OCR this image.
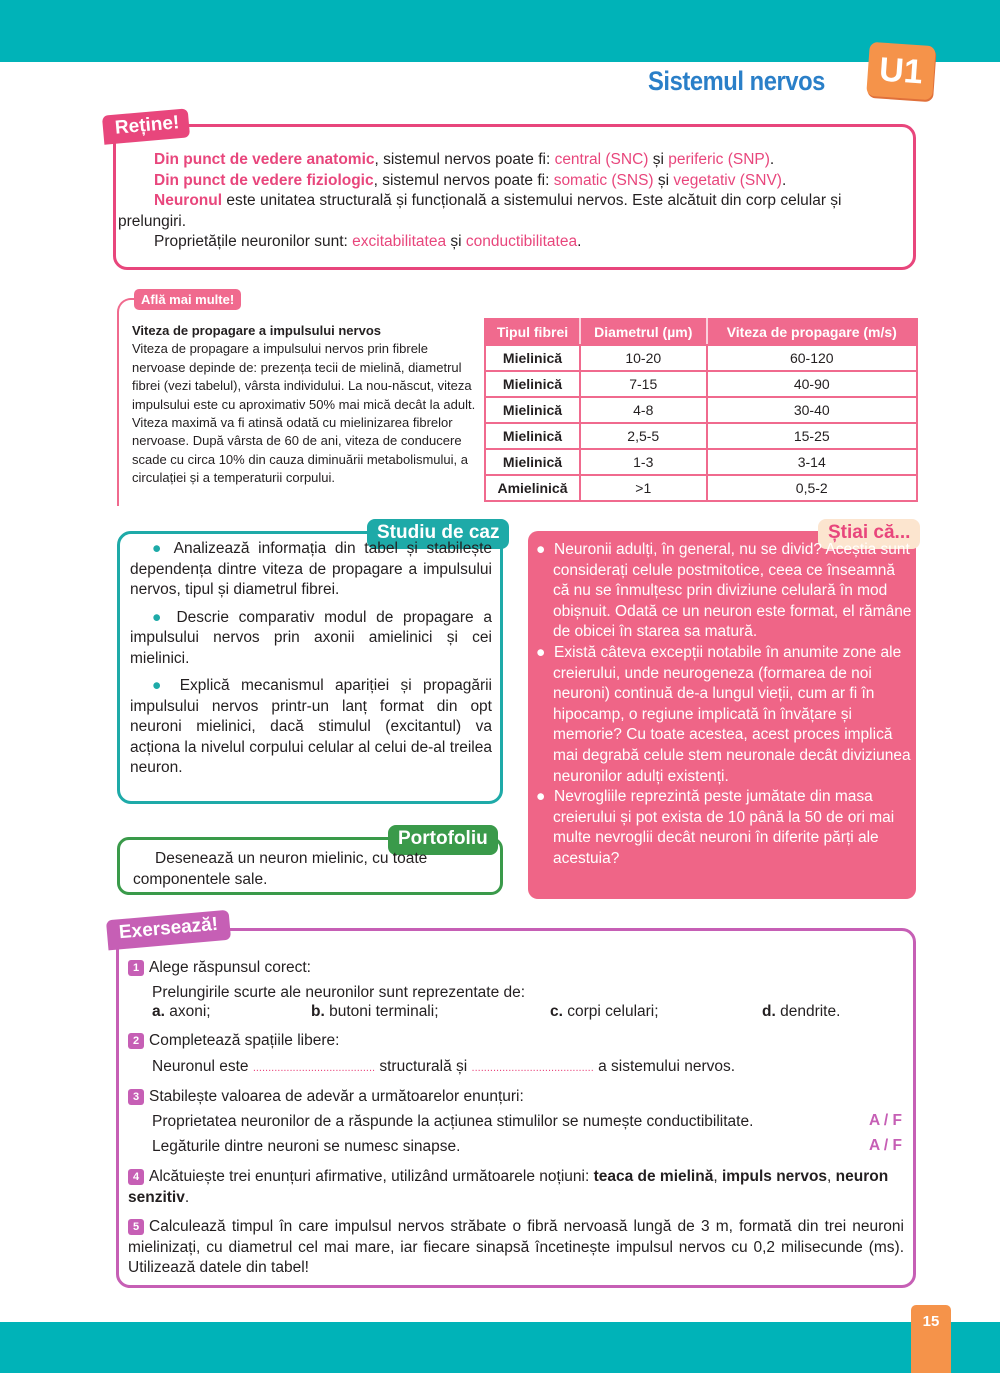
Sistemul nervos	U1
Reține!

Din punct de vedere anatomic, sistemul nervos poate fi: central (SNC) și periferic (SNP).

Din punct de vedere fiziologic, sistemul nervos poate fi: somatic (SNS) și vegetativ (SNV).

Neuronul este unitatea structurală și funcțională a sistemului nervos. Este alcătuit din corp celular și prelungiri.

Proprietățile neuronilor sunt: excitabilitatea și conductibilitatea.

Află mai multe!
Viteza de propagare a impulsului nervos
Viteza de propagare a impulsului nervos prin fibrele nervoase depinde de: prezența tecii de mielină, diametrul fibrei (vezi tabelul), vârsta individului. La nou-născut, viteza impulsului este cu aproximativ 50% mai mică decât la adult. Viteza maximă va fi atinsă odată cu mielinizarea fibrelor nervoase. După vârsta de 60 de ani, viteza de conducere scade cu circa 10% din cauza diminuării metabolismului, a circulației și a temperaturii corpului.
Tipul fibrei	Diametrul (µm)	Viteza de propagare (m/s)
Mielinică	10-20	60-120
Mielinică	7-15	40-90
Mielinică	4-8	30-40
Mielinică	2,5-5	15-25
Mielinică	1-3	3-14
Amielinică	>1	0,5-2
Studiu de caz

● Analizează informația din tabel și stabilește dependența dintre viteza de propagare a impulsului nervos, tipul și diametrul fibrei.

● Descrie comparativ modul de propagare a impulsului nervos prin axonii amielinici și cei mielinici.

● Explică mecanismul apariției și propagării impulsului nervos printr-un lanț format din opt neuroni mielinici, dacă stimulul (excitantul) va acționa la nivelul corpului celular al celui de-al treilea neuron.

Portofoliu
Desenează un neuron mielinic, cu toate componentele sale.
Știai că...

● Neuronii adulți, în general, nu se divid? Aceștia sunt considerați celule postmitotice, ceea ce înseamnă că nu se înmulțesc prin diviziune celulară în mod obișnuit. Odată ce un neuron este format, el rămâne de obicei în starea sa matură.

● Există câteva excepții notabile în anumite zone ale creierului, unde neurogeneza (formarea de noi neuroni) continuă de-a lungul vieții, cum ar fi în hipocamp, o regiune implicată în învățare și memorie? Cu toate acestea, acest proces implică mai degrabă celule stem neuronale decât diviziunea neuronilor adulți existenți.

● Nevrogliile reprezintă peste jumătate din masa creierului și pot exista de 10 până la 50 de ori mai multe nevroglii decât neuroni în diferite părți ale acestuia?

Exersează!
1 Alege răspunsul corect:
Prelungirile scurte ale neuronilor sunt reprezentate de:
a. axoni;	b. butoni terminali;	c. corpi celulari;	d. dendrite.
2 Completează spațiile libere:
Neuronul este ........................................ structurală și ........................................ a sistemului nervos.
3 Stabilește valoarea de adevăr a următoarelor enunțuri:
Proprietatea neuronilor de a răspunde la acțiunea stimulilor se numește conductibilitate.	A / F
Legăturile dintre neuroni se numesc sinapse.	A / F
4 Alcătuiește trei enunțuri afirmative, utilizând următoarele noțiuni: teaca de mielină, impuls nervos, neuron senzitiv.
5 Calculează timpul în care impulsul nervos străbate o fibră nervoasă lungă de 3 m, formată din trei neuroni mielinizați, cu diametrul cel mai mare, iar fiecare sinapsă încetinește impulsul nervos cu 0,2 milisecunde (ms). Utilizează datele din tabel!
15
